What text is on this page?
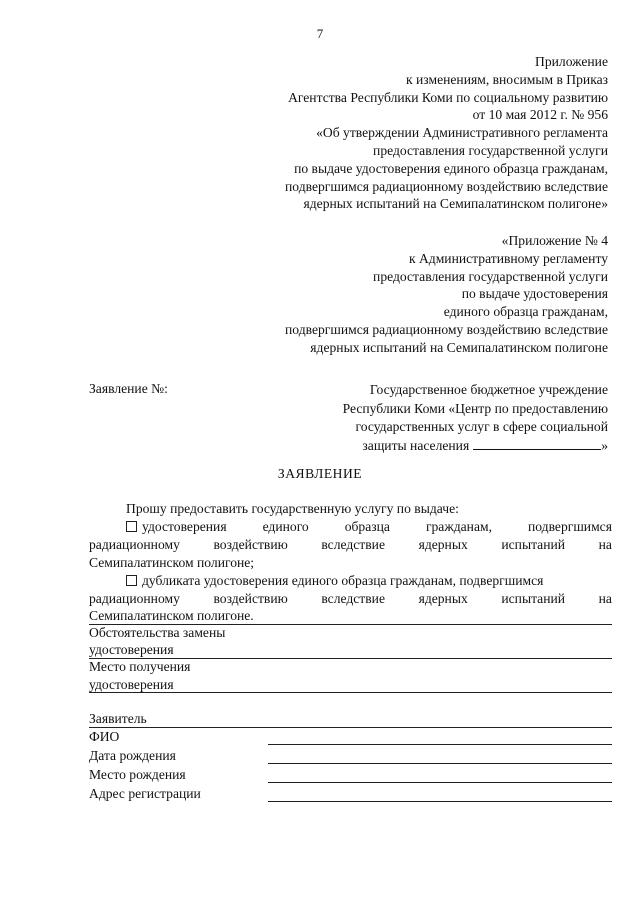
7
Приложение
к изменениям, вносимым в Приказ
Агентства Республики Коми по социальному развитию
от 10 мая 2012 г. № 956
«Об утверждении Административного регламента
предоставления государственной услуги
по выдаче удостоверения единого образца гражданам,
подвергшимся радиационному воздействию вследствие
ядерных испытаний на Семипалатинском полигоне»
«Приложение № 4
к Административному регламенту
предоставления государственной услуги
по выдаче удостоверения
единого образца гражданам,
подвергшимся радиационному воздействию вследствие
ядерных испытаний на Семипалатинском полигоне
Заявление №:	Государственное бюджетное учреждение
Республики Коми «Центр по предоставлению
государственных услуг в сфере социальной
защиты населения	»
ЗАЯВЛЕНИЕ
Прошу предоставить государственную услугу по выдаче:
удостоверения	единого	образца	гражданам,	подвергшимся
радиационному воздействию вследствие ядерных испытаний на
Семипалатинском полигоне;
дубликата удостоверения единого образца гражданам, подвергшимся
радиационному воздействию вследствие ядерных испытаний на
Семипалатинском полигоне.
Обстоятельства замены
удостоверения
Место получения
удостоверения
Заявитель
ФИО
Дата рождения
Место рождения
Адрес регистрации
